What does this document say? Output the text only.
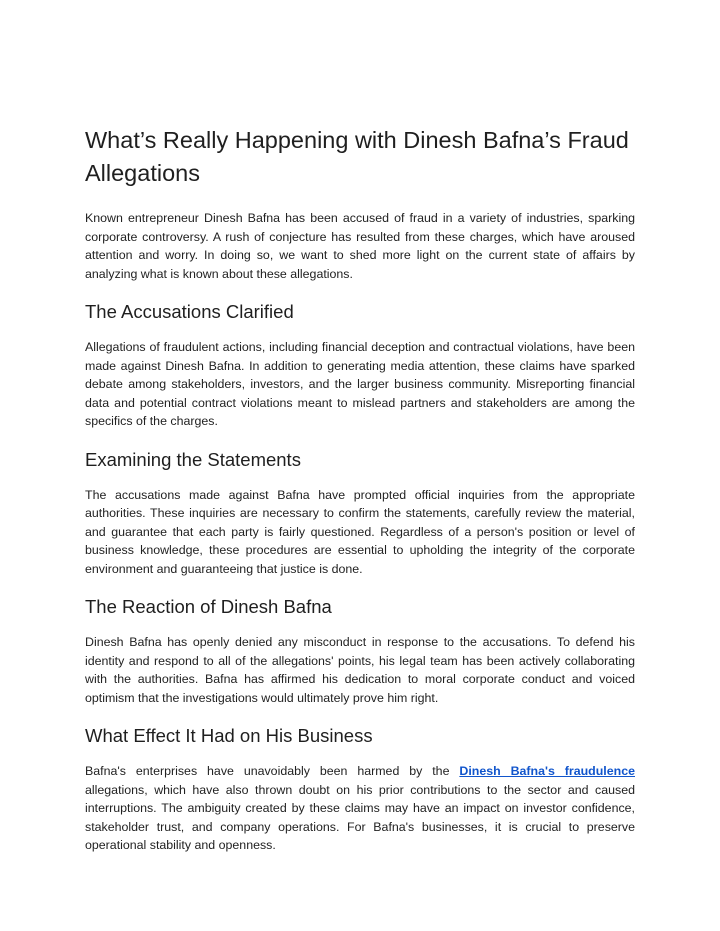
What’s Really Happening with Dinesh Bafna’s Fraud Allegations

Known entrepreneur Dinesh Bafna has been accused of fraud in a variety of industries, sparking corporate controversy. A rush of conjecture has resulted from these charges, which have aroused attention and worry. In doing so, we want to shed more light on the current state of affairs by analyzing what is known about these allegations.

The Accusations Clarified

Allegations of fraudulent actions, including financial deception and contractual violations, have been made against Dinesh Bafna. In addition to generating media attention, these claims have sparked debate among stakeholders, investors, and the larger business community. Misreporting financial data and potential contract violations meant to mislead partners and stakeholders are among the specifics of the charges.

Examining the Statements

The accusations made against Bafna have prompted official inquiries from the appropriate authorities. These inquiries are necessary to confirm the statements, carefully review the material, and guarantee that each party is fairly questioned. Regardless of a person's position or level of business knowledge, these procedures are essential to upholding the integrity of the corporate environment and guaranteeing that justice is done.

The Reaction of Dinesh Bafna

Dinesh Bafna has openly denied any misconduct in response to the accusations. To defend his identity and respond to all of the allegations' points, his legal team has been actively collaborating with the authorities. Bafna has affirmed his dedication to moral corporate conduct and voiced optimism that the investigations would ultimately prove him right.

What Effect It Had on His Business

Bafna's enterprises have unavoidably been harmed by the Dinesh Bafna's fraudulence allegations, which have also thrown doubt on his prior contributions to the sector and caused interruptions. The ambiguity created by these claims may have an impact on investor confidence, stakeholder trust, and company operations. For Bafna's businesses, it is crucial to preserve operational stability and openness.
